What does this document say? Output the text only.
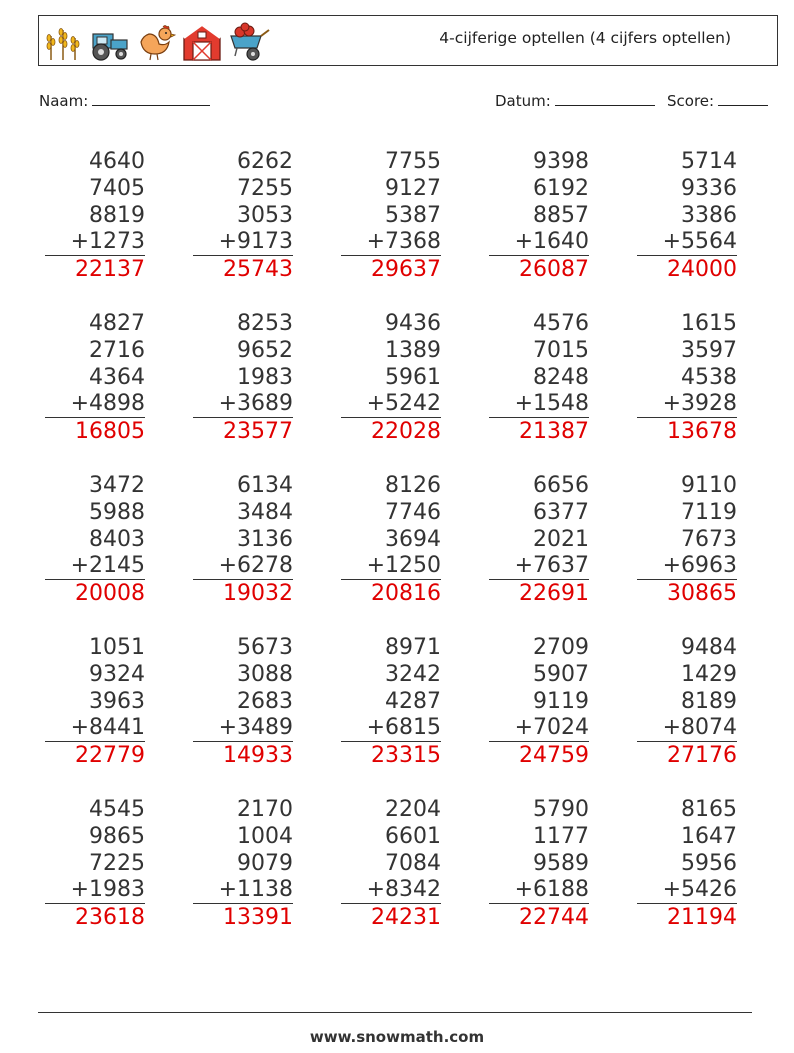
4-cijferige optellen (4 cijfers optellen)
Naam:	Datum:	Score:
4640
7405
8819
+1273
22137
6262
7255
3053
+9173
25743
7755
9127
5387
+7368
29637
9398
6192
8857
+1640
26087
5714
9336
3386
+5564
24000
4827
2716
4364
+4898
16805
8253
9652
1983
+3689
23577
9436
1389
5961
+5242
22028
4576
7015
8248
+1548
21387
1615
3597
4538
+3928
13678
3472
5988
8403
+2145
20008
6134
3484
3136
+6278
19032
8126
7746
3694
+1250
20816
6656
6377
2021
+7637
22691
9110
7119
7673
+6963
30865
1051
9324
3963
+8441
22779
5673
3088
2683
+3489
14933
8971
3242
4287
+6815
23315
2709
5907
9119
+7024
24759
9484
1429
8189
+8074
27176
4545
9865
7225
+1983
23618
2170
1004
9079
+1138
13391
2204
6601
7084
+8342
24231
5790
1177
9589
+6188
22744
8165
1647
5956
+5426
21194
www.snowmath.com
